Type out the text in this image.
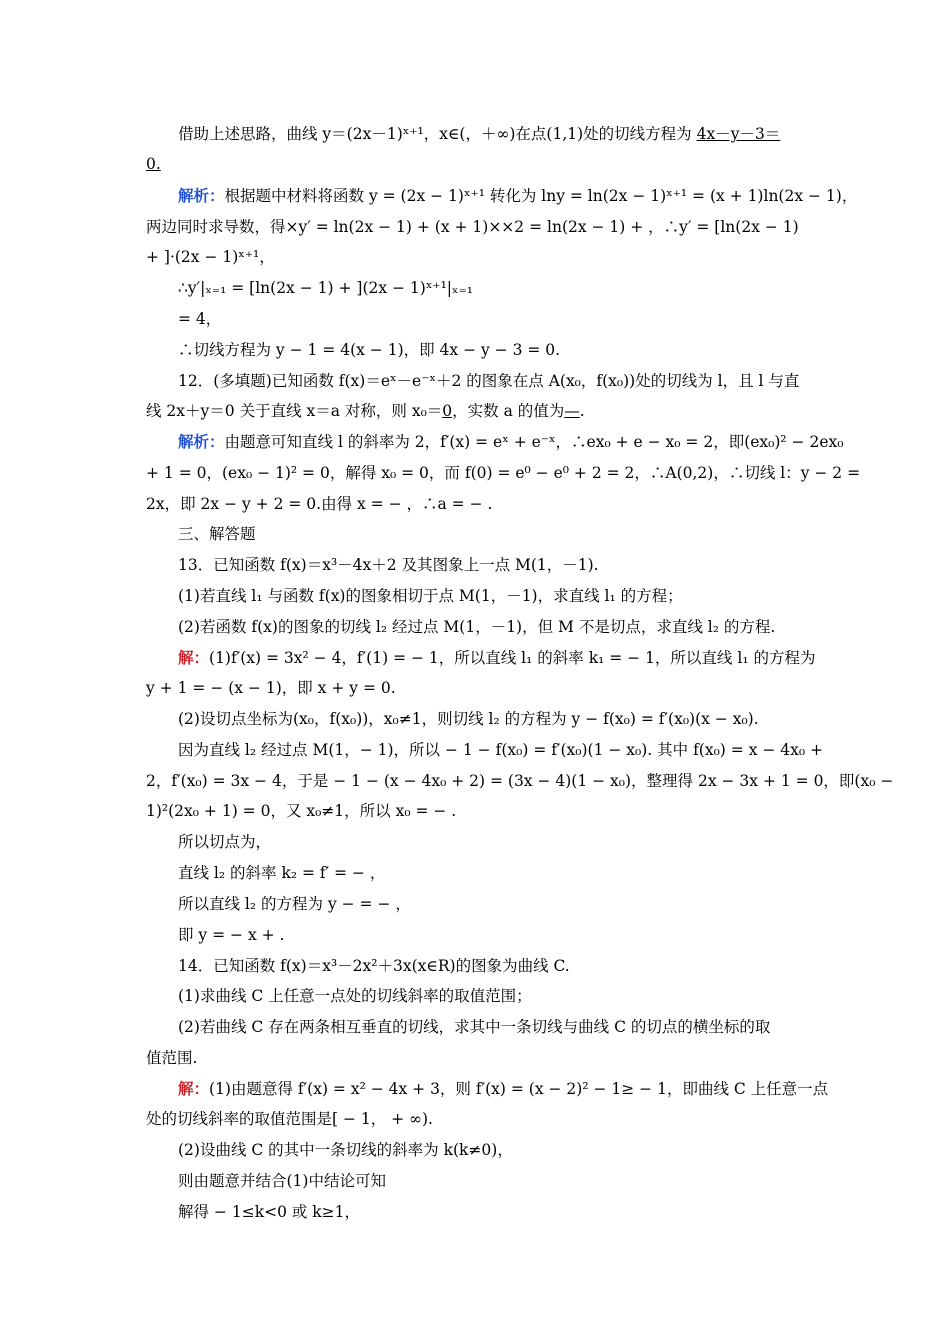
借助上述思路，曲线 y＝(2x－1)ˣ⁺¹，x∈(，＋∞)在点(1,1)处的切线方程为 4x－y－3＝
0.
解析：根据题中材料将函数 y = (2x − 1)ˣ⁺¹ 转化为 lny = ln(2x − 1)ˣ⁺¹ = (x + 1)ln(2x − 1)，
两边同时求导数，得×y′ = ln(2x − 1) + (x + 1)××2 = ln(2x − 1) + ，∴y′ = [ln(2x − 1)
+ ]·(2x − 1)ˣ⁺¹，
∴y′|ₓ₌₁ = [ln(2x − 1) + ](2x − 1)ˣ⁺¹|ₓ₌₁
= 4，
∴切线方程为 y − 1 = 4(x − 1)，即 4x − y − 3 = 0.
12．(多填题)已知函数 f(x)＝eˣ－e⁻ˣ＋2 的图象在点 A(x₀，f(x₀))处的切线为 l，且 l 与直
线 2x＋y＝0 关于直线 x＝a 对称，则 x₀＝0，实数 a 的值为—.
解析：由题意可知直线 l 的斜率为 2，f′(x) = eˣ + e⁻ˣ，∴ex₀ + e − x₀ = 2，即(ex₀)² − 2ex₀
+ 1 = 0，(ex₀ − 1)² = 0，解得 x₀ = 0，而 f(0) = e⁰ − e⁰ + 2 = 2，∴A(0,2)，∴切线 l：y − 2 =
2x，即 2x − y + 2 = 0.由得 x = − ，∴a = − .
三、解答题
13．已知函数 f(x)＝x³－4x＋2 及其图象上一点 M(1，－1).
(1)若直线 l₁ 与函数 f(x)的图象相切于点 M(1，－1)，求直线 l₁ 的方程；
(2)若函数 f(x)的图象的切线 l₂ 经过点 M(1，－1)，但 M 不是切点，求直线 l₂ 的方程.
解：(1)f′(x) = 3x² − 4，f′(1) = − 1，所以直线 l₁ 的斜率 k₁ = − 1，所以直线 l₁ 的方程为
y + 1 = − (x − 1)，即 x + y = 0.
(2)设切点坐标为(x₀，f(x₀))，x₀≠1，则切线 l₂ 的方程为 y − f(x₀) = f′(x₀)(x − x₀).
因为直线 l₂ 经过点 M(1，− 1)，所以 − 1 − f(x₀) = f′(x₀)(1 − x₀). 其中 f(x₀) = x − 4x₀ +
2，f′(x₀) = 3x − 4，于是 − 1 − (x − 4x₀ + 2) = (3x − 4)(1 − x₀)，整理得 2x − 3x + 1 = 0，即(x₀ −
1)²(2x₀ + 1) = 0，又 x₀≠1，所以 x₀ = − .
所以切点为，
直线 l₂ 的斜率 k₂ = f′ = − ，
所以直线 l₂ 的方程为 y − = − ，
即 y = − x + .
14．已知函数 f(x)＝x³－2x²＋3x(x∈R)的图象为曲线 C.
(1)求曲线 C 上任意一点处的切线斜率的取值范围；
(2)若曲线 C 存在两条相互垂直的切线，求其中一条切线与曲线 C 的切点的横坐标的取
值范围.
解：(1)由题意得 f′(x) = x² − 4x + 3，则 f′(x) = (x − 2)² − 1≥ − 1，即曲线 C 上任意一点
处的切线斜率的取值范围是[ − 1， + ∞).
(2)设曲线 C 的其中一条切线的斜率为 k(k≠0)，
则由题意并结合(1)中结论可知
解得 − 1≤k<0 或 k≥1，
